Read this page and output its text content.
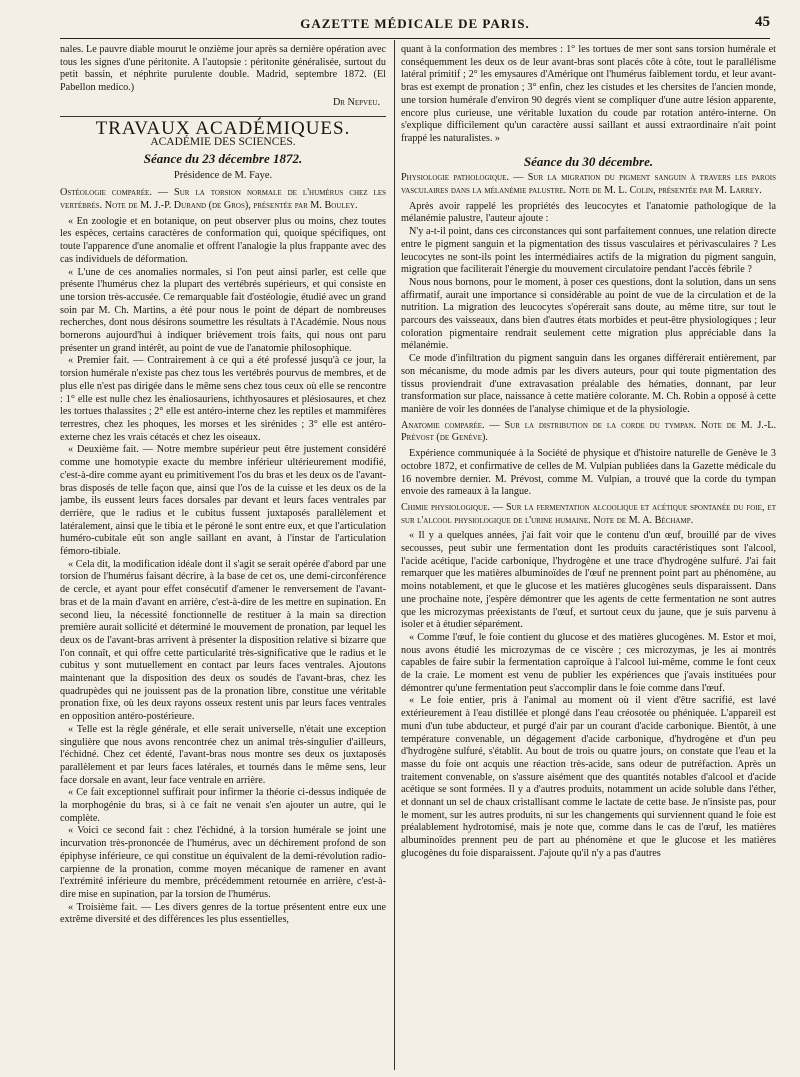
GAZETTE MÉDICALE DE PARIS.	45

nales. Le pauvre diable mourut le onzième jour après sa dernière opération avec tous les signes d'une péritonite. A l'autopsie : péritonite généralisée, surtout du petit bassin, et néphrite purulente double. Madrid, septembre 1872. (El Pabellon medico.)

Dr Nepveu.
TRAVAUX ACADÉMIQUES.
ACADÉMIE DES SCIENCES.
Séance du 23 décembre 1872.
Présidence de M. Faye.

Ostéologie comparée. — Sur la torsion normale de l'humérus chez les vertébrés. Note de M. J.-P. Durand (de Gros), présentée par M. Bouley.

« En zoologie et en botanique, on peut observer plus ou moins, chez toutes les espèces, certains caractères de conformation qui, quoique spécifiques, ont toute l'apparence d'une anomalie et offrent l'analogie la plus frappante avec des cas individuels de déformation.

« L'une de ces anomalies normales, si l'on peut ainsi parler, est celle que présente l'humérus chez la plupart des vertébrés supérieurs, et qui consiste en une torsion très-accusée. Ce remarquable fait d'ostéologie, étudié avec un grand soin par M. Ch. Martins, a été pour nous le point de départ de nombreuses recherches, dont nous désirons soumettre les résultats à l'Académie. Nous nous bornerons aujourd'hui à indiquer brièvement trois faits, qui nous ont paru présenter un grand intérêt, au point de vue de l'anatomie philosophique.

« Premier fait. — Contrairement à ce qui a été professé jusqu'à ce jour, la torsion humérale n'existe pas chez tous les vertébrés pourvus de membres, et de plus elle n'est pas dirigée dans le même sens chez tous ceux où elle se rencontre : 1° elle est nulle chez les énaliosauriens, ichthyosaures et plésiosaures, et chez les tortues thalassites ; 2° elle est antéro-interne chez les reptiles et mammifères terrestres, chez les phoques, les morses et les sirénides ; 3° elle est antéro-externe chez les vrais cétacés et chez les oiseaux.

« Deuxième fait. — Notre membre supérieur peut être justement considéré comme une homotypie exacte du membre inférieur ultérieurement modifié, c'est-à-dire comme ayant eu primitivement l'os du bras et les deux os de l'avant-bras disposés de telle façon que, ainsi que l'os de la cuisse et les deux os de la jambe, ils eussent leurs faces dorsales par devant et leurs faces ventrales par derrière, que le radius et le cubitus fussent juxtaposés parallèlement et latéralement, ainsi que le tibia et le péroné le sont entre eux, et que l'articulation huméro-cubitale eût son angle saillant en avant, à l'instar de l'articulation fémoro-tibiale.

« Cela dit, la modification idéale dont il s'agit se serait opérée d'abord par une torsion de l'humérus faisant décrire, à la base de cet os, une demi-circonférence de cercle, et ayant pour effet consécutif d'amener le renversement de l'avant-bras et de la main d'avant en arrière, c'est-à-dire de les mettre en supination. En second lieu, la nécessité fonctionnelle de restituer à la main sa direction première aurait sollicité et déterminé le mouvement de pronation, par lequel les deux os de l'avant-bras arrivent à présenter la disposition relative si bizarre que l'on connaît, et qui offre cette particularité très-significative que le radius et le cubitus y sont mutuellement en contact par leurs faces ventrales. Ajoutons maintenant que la disposition des deux os soudés de l'avant-bras, chez les quadrupèdes qui ne jouissent pas de la pronation libre, constitue une véritable pronation fixe, où les deux rayons osseux restent unis par leurs faces ventrales en opposition antéro-postérieure.

« Telle est la règle générale, et elle serait universelle, n'était une exception singulière que nous avons rencontrée chez un animal très-singulier d'ailleurs, l'échidné. Chez cet édenté, l'avant-bras nous montre ses deux os juxtaposés parallèlement et par leurs faces latérales, et tournés dans le même sens, leur face dorsale en avant, leur face ventrale en arrière.

« Ce fait exceptionnel suffirait pour infirmer la théorie ci-dessus indiquée de la morphogénie du bras, si à ce fait ne venait s'en ajouter un autre, qui le complète.

« Voici ce second fait : chez l'échidné, à la torsion humérale se joint une incurvation très-prononcée de l'humérus, avec un déchirement profond de son épiphyse inférieure, ce qui constitue un équivalent de la demi-révolution radio-carpienne de la pronation, comme moyen mécanique de ramener en avant l'extrémité inférieure du membre, précédemment retournée en arrière, c'est-à-dire mise en supination, par la torsion de l'humérus.

« Troisième fait. — Les divers genres de la tortue présentent entre eux une extrême diversité et des différences les plus essentielles,

quant à la conformation des membres : 1° les tortues de mer sont sans torsion humérale et conséquemment les deux os de leur avant-bras sont placés côte à côte, tout le parallélisme latéral primitif ; 2° les emysaures d'Amérique ont l'humérus faiblement tordu, et leur avant-bras est exempt de pronation ; 3° enfin, chez les cistudes et les chersites de l'ancien monde, une torsion humérale d'environ 90 degrés vient se compliquer d'une autre lésion apparente, encore plus curieuse, une véritable luxation du coude par rotation antéro-interne. On s'explique difficilement qu'un caractère aussi saillant et aussi extraordinaire n'ait point frappé les naturalistes. »

Séance du 30 décembre.

Physiologie pathologique. — Sur la migration du pigment sanguin à travers les parois vasculaires dans la mélanémie palustre. Note de M. L. Colin, présentée par M. Larrey.

Après avoir rappelé les propriétés des leucocytes et l'anatomie pathologique de la mélanémie palustre, l'auteur ajoute :

N'y a-t-il point, dans ces circonstances qui sont parfaitement connues, une relation directe entre le pigment sanguin et la pigmentation des tissus vasculaires et périvasculaires ? Les leucocytes ne sont-ils point les intermédiaires actifs de la migration du pigment sanguin, migration que faciliterait l'énergie du mouvement circulatoire pendant l'accès fébrile ?

Nous nous bornons, pour le moment, à poser ces questions, dont la solution, dans un sens affirmatif, aurait une importance si considérable au point de vue de la circulation et de la nutrition. La migration des leucocytes s'opérerait sans doute, au même titre, sur tout le parcours des vaisseaux, dans bien d'autres états morbides et peut-être physiologiques ; leur coloration pigmentaire rendrait seulement cette migration plus appréciable dans la mélanémie.

Ce mode d'infiltration du pigment sanguin dans les organes différerait entièrement, par son mécanisme, du mode admis par les divers auteurs, pour qui toute pigmentation des tissus proviendrait d'une extravasation préalable des hématies, donnant, par leur transformation sur place, naissance à cette matière colorante. M. Ch. Robin a opposé à cette manière de voir les données de l'analyse chimique et de la physiologie.

Anatomie comparée. — Sur la distribution de la corde du tympan. Note de M. J.-L. Prévost (de Genève).

Expérience communiquée à la Société de physique et d'histoire naturelle de Genève le 3 octobre 1872, et confirmative de celles de M. Vulpian publiées dans la Gazette médicale du 16 novembre dernier. M. Prévost, comme M. Vulpian, a trouvé que la corde du tympan envoie des rameaux à la langue.

Chimie physiologique. — Sur la fermentation alcoolique et acétique spontanée du foie, et sur l'alcool physiologique de l'urine humaine. Note de M. A. Béchamp.

« Il y a quelques années, j'ai fait voir que le contenu d'un œuf, brouillé par de vives secousses, peut subir une fermentation dont les produits caractéristiques sont l'alcool, l'acide acétique, l'acide carbonique, l'hydrogène et une trace d'hydrogène sulfuré. J'ai fait remarquer que les matières albuminoïdes de l'œuf ne prennent point part au phénomène, au moins notablement, et que le glucose et les matières glucogènes seuls disparaissent. Dans une prochaine note, j'espère démontrer que les agents de cette fermentation ne sont autres que les microzymas préexistants de l'œuf, et surtout ceux du jaune, que je suis parvenu à isoler et à étudier séparément.

« Comme l'œuf, le foie contient du glucose et des matières glucogènes. M. Estor et moi, nous avons étudié les microzymas de ce viscère ; ces microzymas, je les ai montrés capables de faire subir la fermentation caproïque à l'alcool lui-même, comme le font ceux de la craie. Le moment est venu de publier les expériences que j'avais instituées pour démontrer qu'une fermentation peut s'accomplir dans le foie comme dans l'œuf.

« Le foie entier, pris à l'animal au moment où il vient d'être sacrifié, est lavé extérieurement à l'eau distillée et plongé dans l'eau créosotée ou phéniquée. L'appareil est muni d'un tube abducteur, et purgé d'air par un courant d'acide carbonique. Bientôt, à une température convenable, un dégagement d'acide carbonique, d'hydrogène et d'un peu d'hydrogène sulfuré, s'établit. Au bout de trois ou quatre jours, on constate que l'eau et la masse du foie ont acquis une réaction très-acide, sans odeur de putréfaction. Après un traitement convenable, on s'assure aisément que des quantités notables d'alcool et d'acide acétique se sont formées. Il y a d'autres produits, notamment un acide soluble dans l'éther, et donnant un sel de chaux cristallisant comme le lactate de cette base. Je n'insiste pas, pour le moment, sur les autres produits, ni sur les changements qui surviennent quand le foie est préalablement hydrotomisé, mais je note que, comme dans le cas de l'œuf, les matières albuminoïdes prennent peu de part au phénomène et que le glucose et les matières glucogènes du foie disparaissent. J'ajoute qu'il n'y a pas d'autres
